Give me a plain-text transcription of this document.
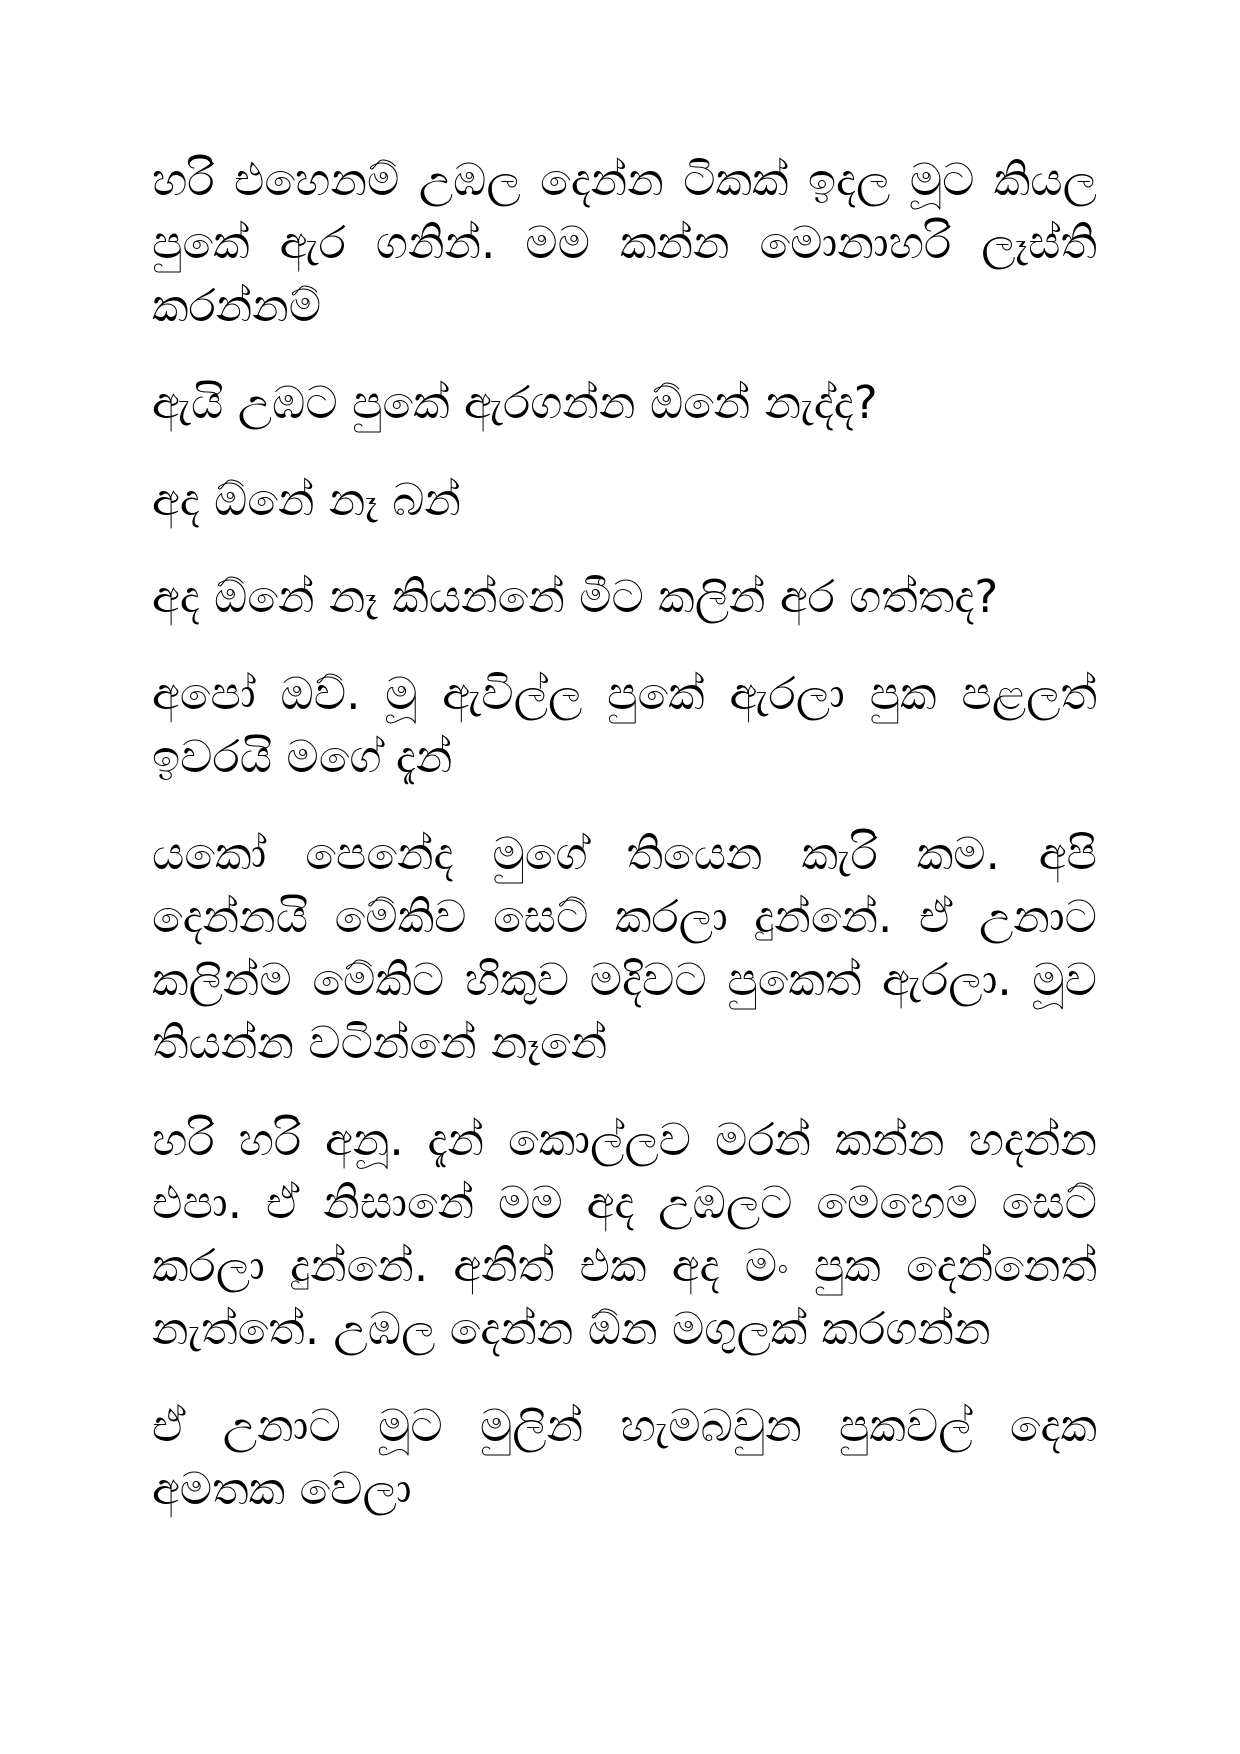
හරි එහෙනම් උඹල දෙන්න ටිකක් ඉදල මූට කියල පුකේ ඇර ගනින්. මම කන්න මොනාහරි ලෑස්ති කරන්නම්

ඇයි උඹට පුකේ ඇරගන්න ඕනේ නැද්ද?

අද ඕනේ නෑ බන්

අද ඕනේ නෑ කියන්නේ මීට කලින් අර ගත්තද?

අපෝ ඔව්. මූ ඇවිල්ල පුකේ ඇරලා පුක පළලත් ඉවරයි මගේ දැන්

යකෝ පෙනේද මුගේ තියෙන කැරි කම. අපි දෙන්නයි මේකිව සෙට් කරලා දුන්නේ. ඒ උනාට කලින්ම මේකිට හිකුව මදිවට පුකෙත් ඇරලා. මූව තියන්න වටින්නේ නෑනේ

හරි හරි අනූ. දැන් කොල්ලව මරන් කන්න හදන්න එපා. ඒ නිසානේ මම අද උඹලට මෙහෙම සෙට් කරලා දුන්නේ. අනිත් එක අද මං පුක දෙන්නෙත් නැත්තේ. උඹල දෙන්න ඕන මගුලක් කරගන්න

ඒ උනාට මූට මුලින් හැමබවුන පුකවල් දෙක අමතක වෙලා
